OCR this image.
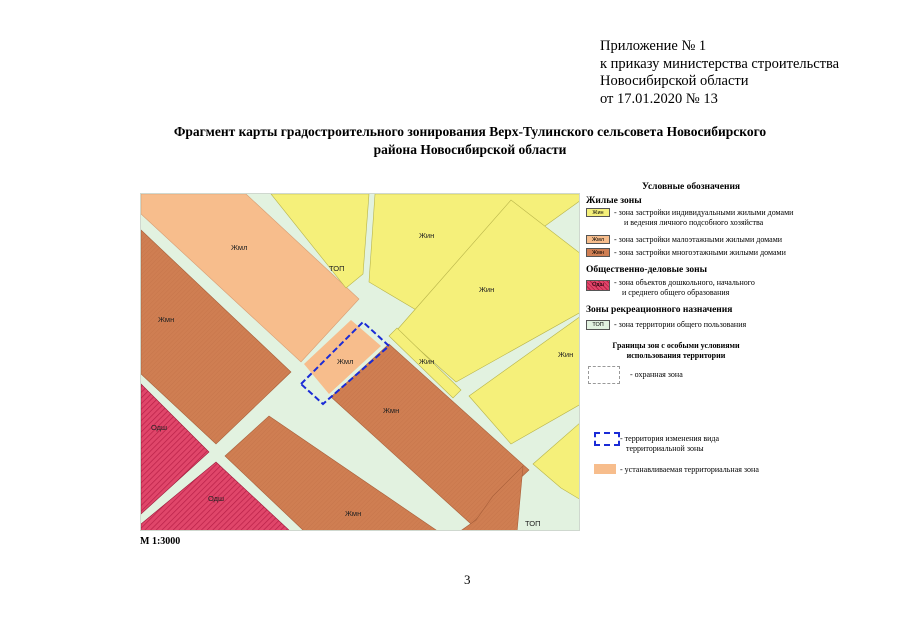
Приложение № 1
к приказу министерства строительства
Новосибирской области
от 17.01.2020 № 13
Фрагмент карты градостроительного зонирования Верх-Тулинского сельсовета Новосибирского
района Новосибирской области
Жмл
Жмн
ТОП
Жин
Жин
Жин
Жин
Жмл
Жмн
Одш
Одш
Жмн
ТОП
М 1:3000
Условные обозначения
Жилые зоны
Жин	- зона застройки индивидуальными жилыми домами
и ведения личного подсобного хозяйства
Жмл	- зона застройки малоэтажными жилыми домами
Жмн	- зона застройки многоэтажными жилыми домами
Общественно-деловые зоны
Одш	- зона объектов дошкольного, начального
и среднего общего образования
Зоны рекреационного назначения
ТОП	- зона территории общего пользования
Границы зон с особыми условиями
использования территории
- охранная зона
- территория изменения вида
территориальной зоны
- устанавливаемая территориальная зона
3
